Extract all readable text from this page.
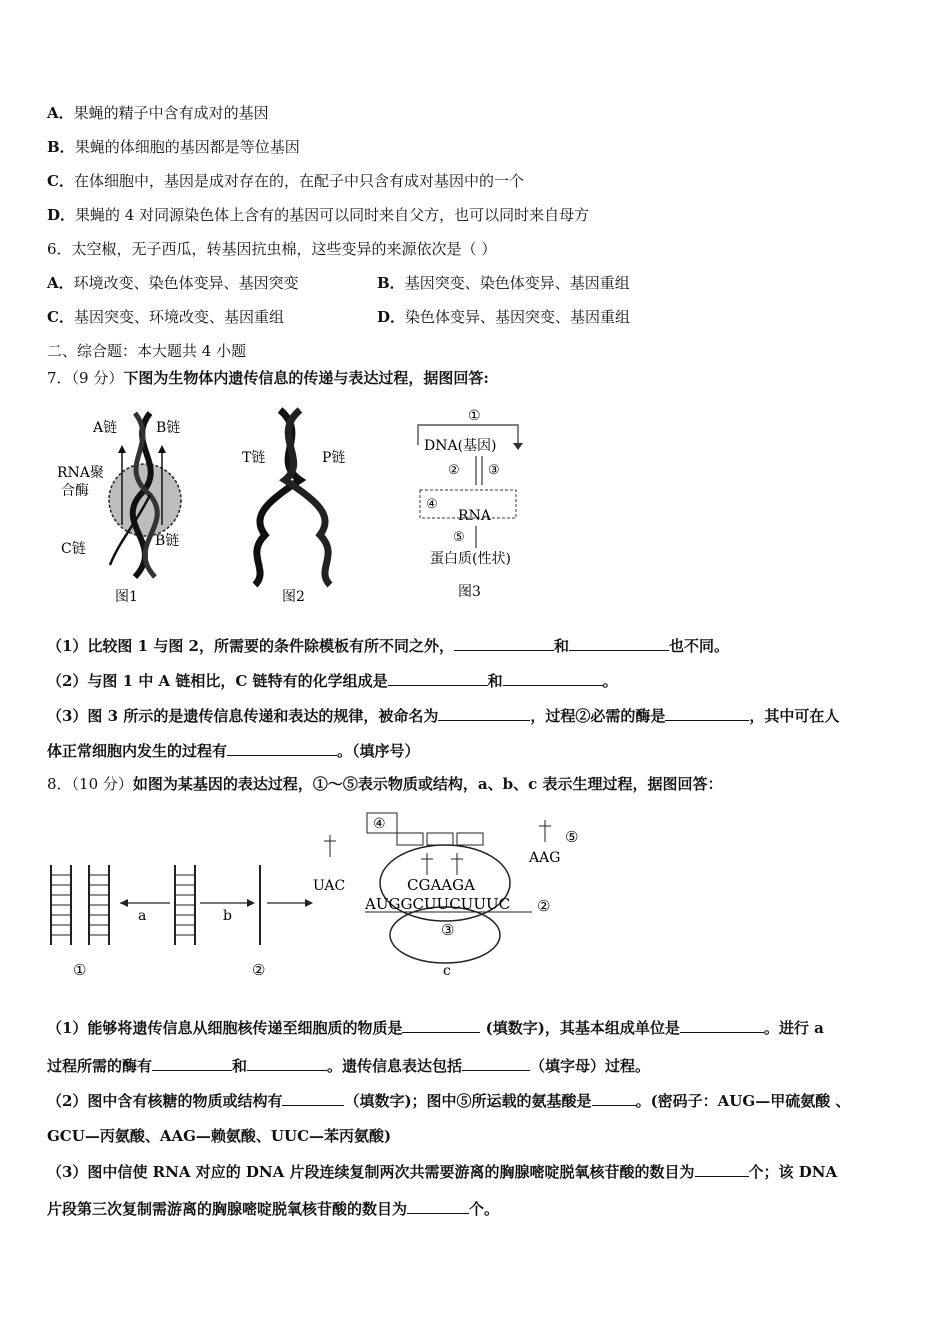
A．果蝇的精子中含有成对的基因
B．果蝇的体细胞的基因都是等位基因
C．在体细胞中，基因是成对存在的，在配子中只含有成对基因中的一个
D．果蝇的 4 对同源染色体上含有的基因可以同时来自父方，也可以同时来自母方
6．太空椒，无子西瓜，转基因抗虫棉，这些变异的来源依次是（ ）
A．环境改变、染色体变异、基因突变	B．基因突变、染色体变异、基因重组
C．基因突变、环境改变、基因重组	D．染色体变异、基因突变、基因重组
二、综合题：本大题共 4 小题
7．（9 分）下图为生物体内遗传信息的传递与表达过程，据图回答:
A链	B链
RNA聚
合酶
C链	B链
图1
T链	P链
图2
①
DNA(基因)
② ③
④
RNA
⑤
蛋白质(性状)
图3
（1）比较图 1 与图 2，所需要的条件除模板有所不同之外，	和	也不同。
（2）与图 1 中 A 链相比，C 链特有的化学组成是	和	。
（3）图 3 所示的是遗传信息传递和表达的规律，被命名为	，过程②必需的酶是	，其中可在人
体正常细胞内发生的过程有	。（填序号）
8．（10 分）如图为某基因的表达过程，①～⑤表示物质或结构，a、b、c 表示生理过程，据图回答：
①
a	b
②
④
⑤
AAG
UAC	CGAAGA
AUGGCUUCUUUC ②
③
c
（1）能够将遗传信息从细胞核传递至细胞质的物质是	(填数字)，其基本组成单位是	。进行 a
过程所需的酶有	和	。遗传信息表达包括	（填字母）过程。
（2）图中含有核糖的物质或结构有	（填数字)；图中⑤所运载的氨基酸是	。(密码子：AUG—甲硫氨酸 、
GCU—丙氨酸、AAG—赖氨酸、UUC—苯丙氨酸)
（3）图中信使 RNA 对应的 DNA 片段连续复制两次共需要游离的胸腺嘧啶脱氧核苷酸的数目为	个；该 DNA
片段第三次复制需游离的胸腺嘧啶脱氧核苷酸的数目为	个。
